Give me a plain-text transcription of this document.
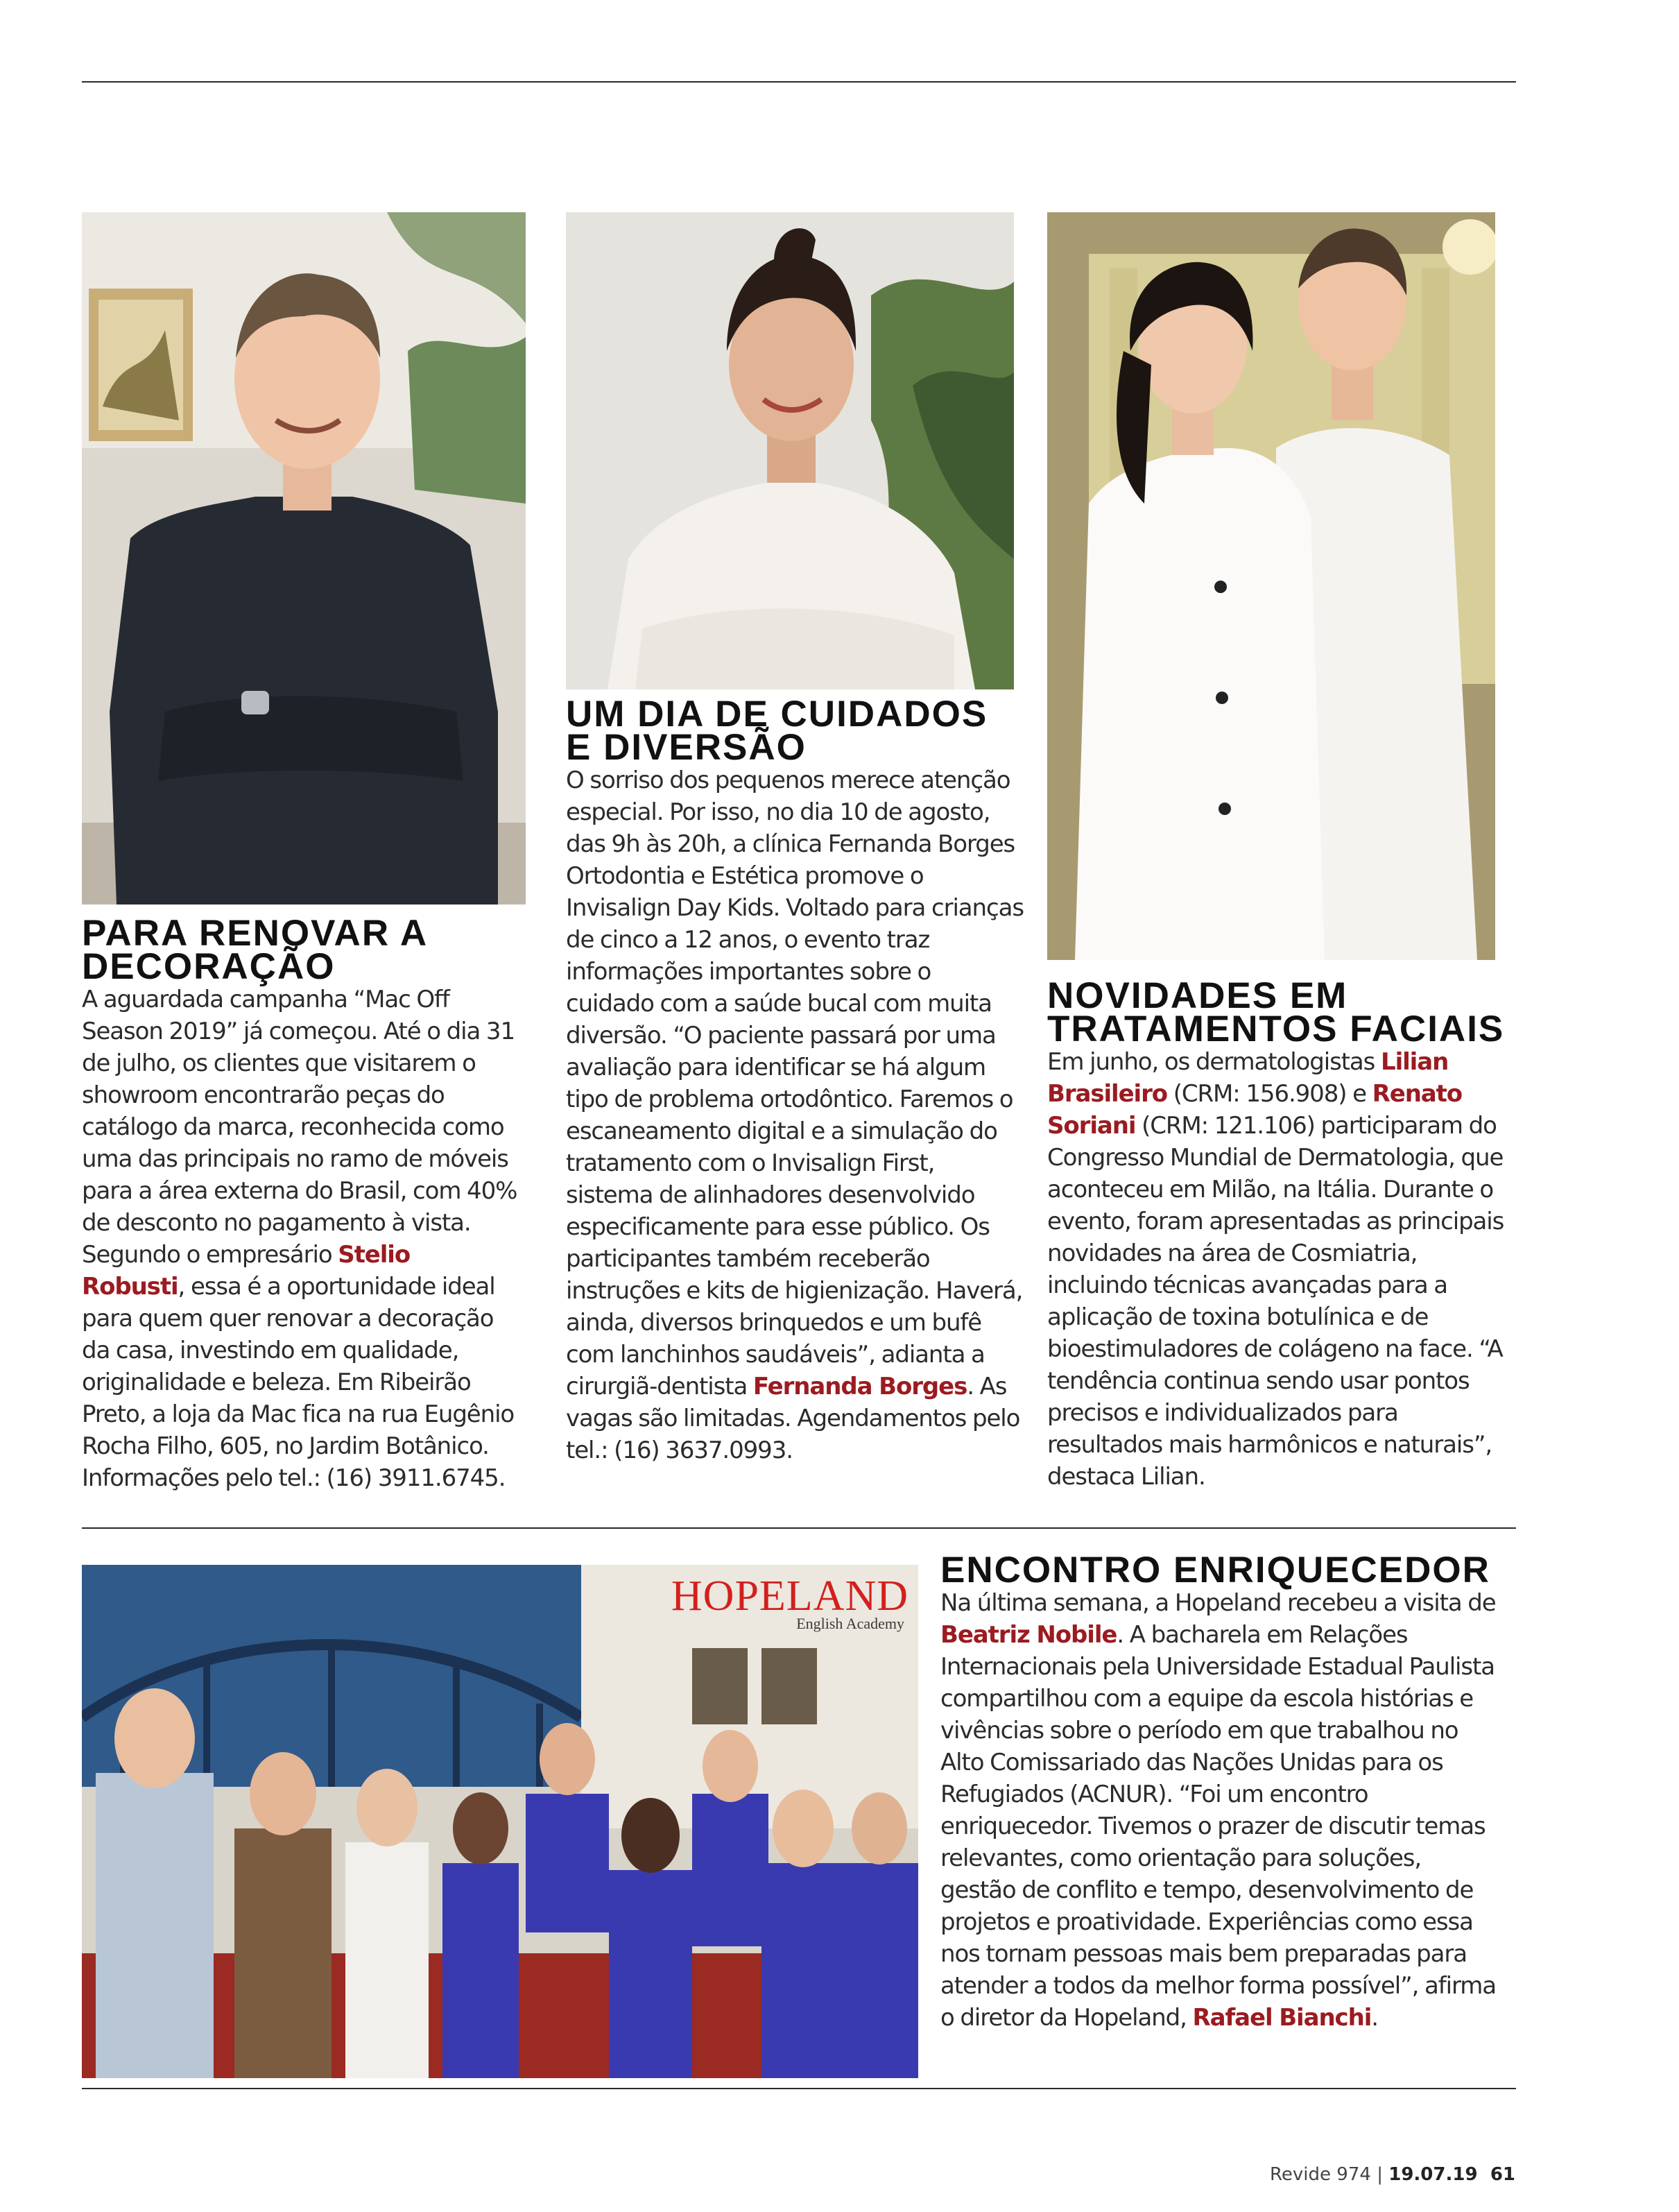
HOPELAND
English Academy
PARA RENOVAR A DECORAÇÃO

A aguardada campanha “Mac Off Season 2019” já começou. Até o dia 31 de julho, os clientes que visitarem o showroom encontrarão peças do catálogo da marca, reconhecida como uma das principais no ramo de móveis para a área externa do Brasil, com 40% de desconto no pagamento à vista. Segundo o empresário Stelio Robusti, essa é a oportunidade ideal para quem quer renovar a decoração da casa, investindo em qualidade, originalidade e beleza. Em Ribeirão Preto, a loja da Mac fica na rua Eugênio Rocha Filho, 605, no Jardim Botânico. Informações pelo tel.: (16) 3911.6745.

UM DIA DE CUIDADOS E DIVERSÃO

O sorriso dos pequenos merece atenção especial. Por isso, no dia 10 de agosto, das 9h às 20h, a clínica Fernanda Borges Ortodontia e Estética promove o Invisalign Day Kids. Voltado para crianças de cinco a 12 anos, o evento traz informações importantes sobre o cuidado com a saúde bucal com muita diversão. “O paciente passará por uma avaliação para identificar se há algum tipo de problema ortodôntico. Faremos o escaneamento digital e a simulação do tratamento com o Invisalign First, sistema de alinhadores desenvolvido especificamente para esse público. Os participantes também receberão instruções e kits de higienização. Haverá, ainda, diversos brinquedos e um bufê com lanchinhos saudáveis”, adianta a cirurgiã-dentista Fernanda Borges. As vagas são limitadas. Agendamentos pelo tel.: (16) 3637.0993.

NOVIDADES EM TRATAMENTOS FACIAIS

Em junho, os dermatologistas Lilian Brasileiro (CRM: 156.908) e Renato Soriani (CRM: 121.106) participaram do Congresso Mundial de Dermatologia, que aconteceu em Milão, na Itália. Durante o evento, foram apresentadas as principais novidades na área de Cosmiatria, incluindo técnicas avançadas para a aplicação de toxina botulínica e de bioestimuladores de colágeno na face. “A tendência continua sendo usar pontos precisos e individualizados para resultados mais harmônicos e naturais”, destaca Lilian.

ENCONTRO ENRIQUECEDOR

Na última semana, a Hopeland recebeu a visita de Beatriz Nobile. A bacharela em Relações Internacionais pela Universidade Estadual Paulista compartilhou com a equipe da escola histórias e vivências sobre o período em que trabalhou no Alto Comissariado das Nações Unidas para os Refugiados (ACNUR). “Foi um encontro enriquecedor. Tivemos o prazer de discutir temas relevantes, como orientação para soluções, gestão de conflito e tempo, desenvolvimento de projetos e proatividade. Experiências como essa nos tornam pessoas mais bem preparadas para atender a todos da melhor forma possível”, afirma o diretor da Hopeland, Rafael Bianchi.

Revide 974 | 19.07.19 61
